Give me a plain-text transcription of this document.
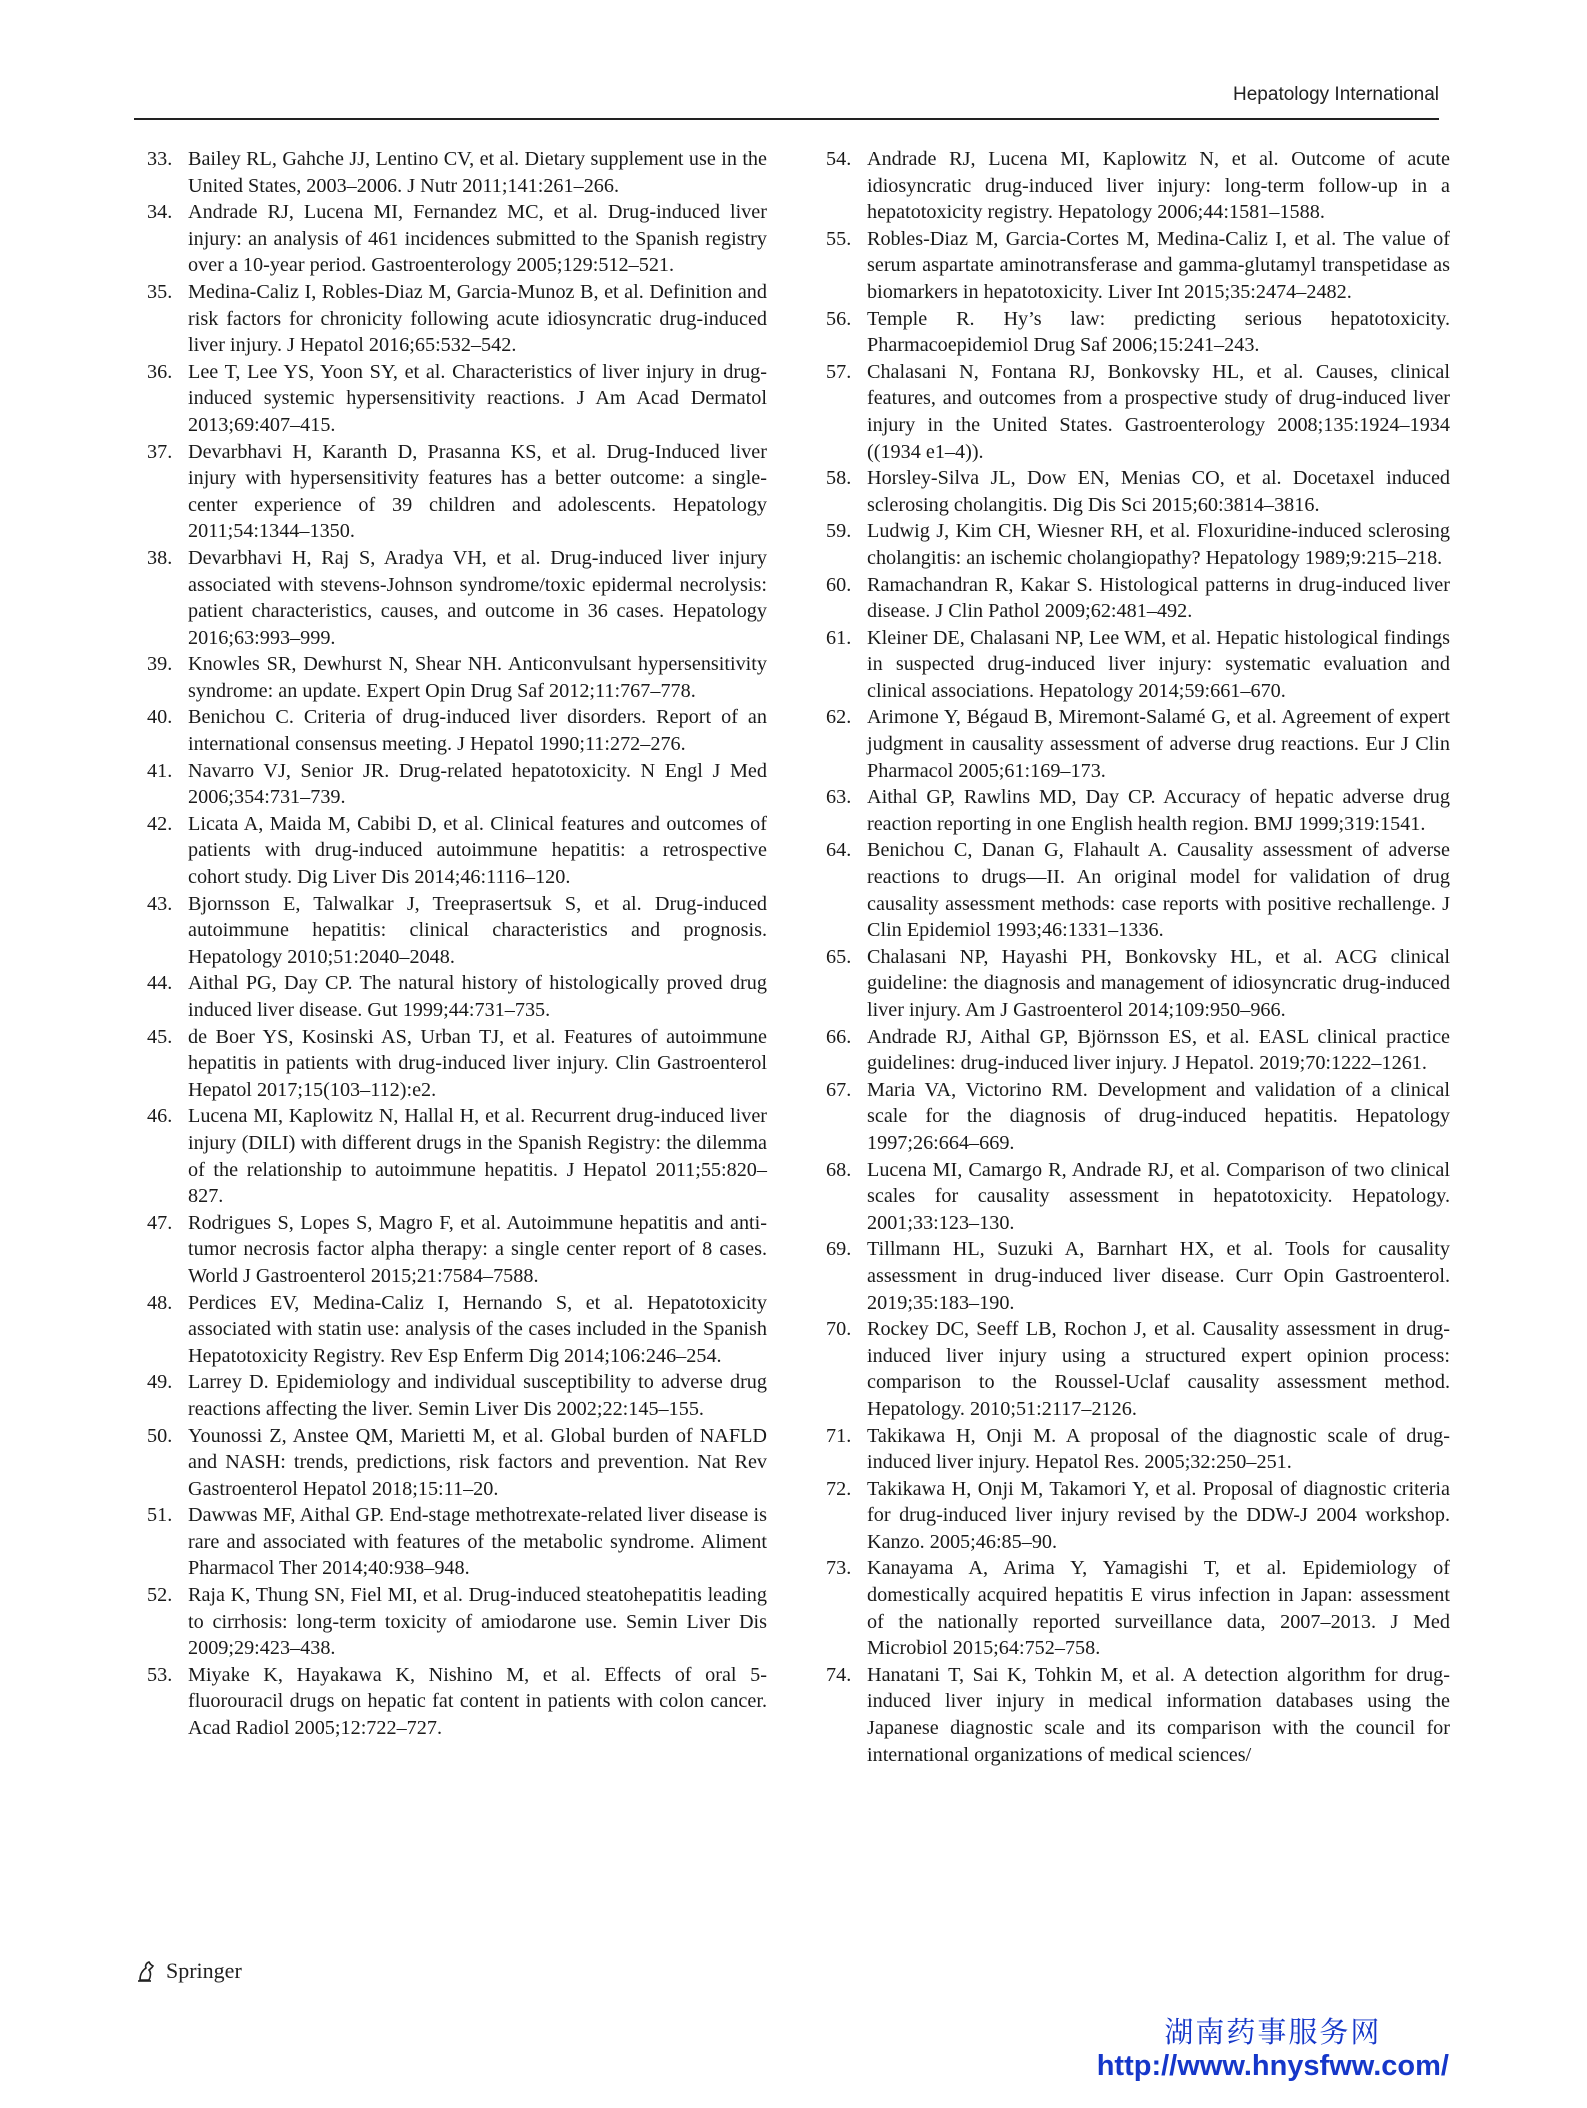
Hepatology International
33. Bailey RL, Gahche JJ, Lentino CV, et al. Dietary supplement use in the United States, 2003–2006. J Nutr 2011;141:261–266.
34. Andrade RJ, Lucena MI, Fernandez MC, et al. Drug-induced liver injury: an analysis of 461 incidences submitted to the Spanish registry over a 10-year period. Gastroenterology 2005;129:512–521.
35. Medina-Caliz I, Robles-Diaz M, Garcia-Munoz B, et al. Definition and risk factors for chronicity following acute idiosyncratic drug-induced liver injury. J Hepatol 2016;65:532–542.
36. Lee T, Lee YS, Yoon SY, et al. Characteristics of liver injury in drug-induced systemic hypersensitivity reactions. J Am Acad Dermatol 2013;69:407–415.
37. Devarbhavi H, Karanth D, Prasanna KS, et al. Drug-Induced liver injury with hypersensitivity features has a better outcome: a single-center experience of 39 children and adolescents. Hepatology 2011;54:1344–1350.
38. Devarbhavi H, Raj S, Aradya VH, et al. Drug-induced liver injury associated with stevens-Johnson syndrome/toxic epidermal necrolysis: patient characteristics, causes, and outcome in 36 cases. Hepatology 2016;63:993–999.
39. Knowles SR, Dewhurst N, Shear NH. Anticonvulsant hypersensitivity syndrome: an update. Expert Opin Drug Saf 2012;11:767–778.
40. Benichou C. Criteria of drug-induced liver disorders. Report of an international consensus meeting. J Hepatol 1990;11:272–276.
41. Navarro VJ, Senior JR. Drug-related hepatotoxicity. N Engl J Med 2006;354:731–739.
42. Licata A, Maida M, Cabibi D, et al. Clinical features and outcomes of patients with drug-induced autoimmune hepatitis: a retrospective cohort study. Dig Liver Dis 2014;46:1116–120.
43. Bjornsson E, Talwalkar J, Treeprasertsuk S, et al. Drug-induced autoimmune hepatitis: clinical characteristics and prognosis. Hepatology 2010;51:2040–2048.
44. Aithal PG, Day CP. The natural history of histologically proved drug induced liver disease. Gut 1999;44:731–735.
45. de Boer YS, Kosinski AS, Urban TJ, et al. Features of autoimmune hepatitis in patients with drug-induced liver injury. Clin Gastroenterol Hepatol 2017;15(103–112):e2.
46. Lucena MI, Kaplowitz N, Hallal H, et al. Recurrent drug-induced liver injury (DILI) with different drugs in the Spanish Registry: the dilemma of the relationship to autoimmune hepatitis. J Hepatol 2011;55:820–827.
47. Rodrigues S, Lopes S, Magro F, et al. Autoimmune hepatitis and anti-tumor necrosis factor alpha therapy: a single center report of 8 cases. World J Gastroenterol 2015;21:7584–7588.
48. Perdices EV, Medina-Caliz I, Hernando S, et al. Hepatotoxicity associated with statin use: analysis of the cases included in the Spanish Hepatotoxicity Registry. Rev Esp Enferm Dig 2014;106:246–254.
49. Larrey D. Epidemiology and individual susceptibility to adverse drug reactions affecting the liver. Semin Liver Dis 2002;22:145–155.
50. Younossi Z, Anstee QM, Marietti M, et al. Global burden of NAFLD and NASH: trends, predictions, risk factors and prevention. Nat Rev Gastroenterol Hepatol 2018;15:11–20.
51. Dawwas MF, Aithal GP. End-stage methotrexate-related liver disease is rare and associated with features of the metabolic syndrome. Aliment Pharmacol Ther 2014;40:938–948.
52. Raja K, Thung SN, Fiel MI, et al. Drug-induced steatohepatitis leading to cirrhosis: long-term toxicity of amiodarone use. Semin Liver Dis 2009;29:423–438.
53. Miyake K, Hayakawa K, Nishino M, et al. Effects of oral 5-fluorouracil drugs on hepatic fat content in patients with colon cancer. Acad Radiol 2005;12:722–727.
54. Andrade RJ, Lucena MI, Kaplowitz N, et al. Outcome of acute idiosyncratic drug-induced liver injury: long-term follow-up in a hepatotoxicity registry. Hepatology 2006;44:1581–1588.
55. Robles-Diaz M, Garcia-Cortes M, Medina-Caliz I, et al. The value of serum aspartate aminotransferase and gamma-glutamyl transpetidase as biomarkers in hepatotoxicity. Liver Int 2015;35:2474–2482.
56. Temple R. Hy’s law: predicting serious hepatotoxicity. Pharmacoepidemiol Drug Saf 2006;15:241–243.
57. Chalasani N, Fontana RJ, Bonkovsky HL, et al. Causes, clinical features, and outcomes from a prospective study of drug-induced liver injury in the United States. Gastroenterology 2008;135:1924–1934 ((1934 e1–4)).
58. Horsley-Silva JL, Dow EN, Menias CO, et al. Docetaxel induced sclerosing cholangitis. Dig Dis Sci 2015;60:3814–3816.
59. Ludwig J, Kim CH, Wiesner RH, et al. Floxuridine-induced sclerosing cholangitis: an ischemic cholangiopathy? Hepatology 1989;9:215–218.
60. Ramachandran R, Kakar S. Histological patterns in drug-induced liver disease. J Clin Pathol 2009;62:481–492.
61. Kleiner DE, Chalasani NP, Lee WM, et al. Hepatic histological findings in suspected drug-induced liver injury: systematic evaluation and clinical associations. Hepatology 2014;59:661–670.
62. Arimone Y, Bégaud B, Miremont-Salamé G, et al. Agreement of expert judgment in causality assessment of adverse drug reactions. Eur J Clin Pharmacol 2005;61:169–173.
63. Aithal GP, Rawlins MD, Day CP. Accuracy of hepatic adverse drug reaction reporting in one English health region. BMJ 1999;319:1541.
64. Benichou C, Danan G, Flahault A. Causality assessment of adverse reactions to drugs—II. An original model for validation of drug causality assessment methods: case reports with positive rechallenge. J Clin Epidemiol 1993;46:1331–1336.
65. Chalasani NP, Hayashi PH, Bonkovsky HL, et al. ACG clinical guideline: the diagnosis and management of idiosyncratic drug-induced liver injury. Am J Gastroenterol 2014;109:950–966.
66. Andrade RJ, Aithal GP, Björnsson ES, et al. EASL clinical practice guidelines: drug-induced liver injury. J Hepatol. 2019;70:1222–1261.
67. Maria VA, Victorino RM. Development and validation of a clinical scale for the diagnosis of drug-induced hepatitis. Hepatology 1997;26:664–669.
68. Lucena MI, Camargo R, Andrade RJ, et al. Comparison of two clinical scales for causality assessment in hepatotoxicity. Hepatology. 2001;33:123–130.
69. Tillmann HL, Suzuki A, Barnhart HX, et al. Tools for causality assessment in drug-induced liver disease. Curr Opin Gastroenterol. 2019;35:183–190.
70. Rockey DC, Seeff LB, Rochon J, et al. Causality assessment in drug-induced liver injury using a structured expert opinion process: comparison to the Roussel-Uclaf causality assessment method. Hepatology. 2010;51:2117–2126.
71. Takikawa H, Onji M. A proposal of the diagnostic scale of drug-induced liver injury. Hepatol Res. 2005;32:250–251.
72. Takikawa H, Onji M, Takamori Y, et al. Proposal of diagnostic criteria for drug-induced liver injury revised by the DDW-J 2004 workshop. Kanzo. 2005;46:85–90.
73. Kanayama A, Arima Y, Yamagishi T, et al. Epidemiology of domestically acquired hepatitis E virus infection in Japan: assessment of the nationally reported surveillance data, 2007–2013. J Med Microbiol 2015;64:752–758.
74. Hanatani T, Sai K, Tohkin M, et al. A detection algorithm for drug-induced liver injury in medical information databases using the Japanese diagnostic scale and its comparison with the council for international organizations of medical sciences/
Springer
湖南药事服务网
http://www.hnysfww.com/
